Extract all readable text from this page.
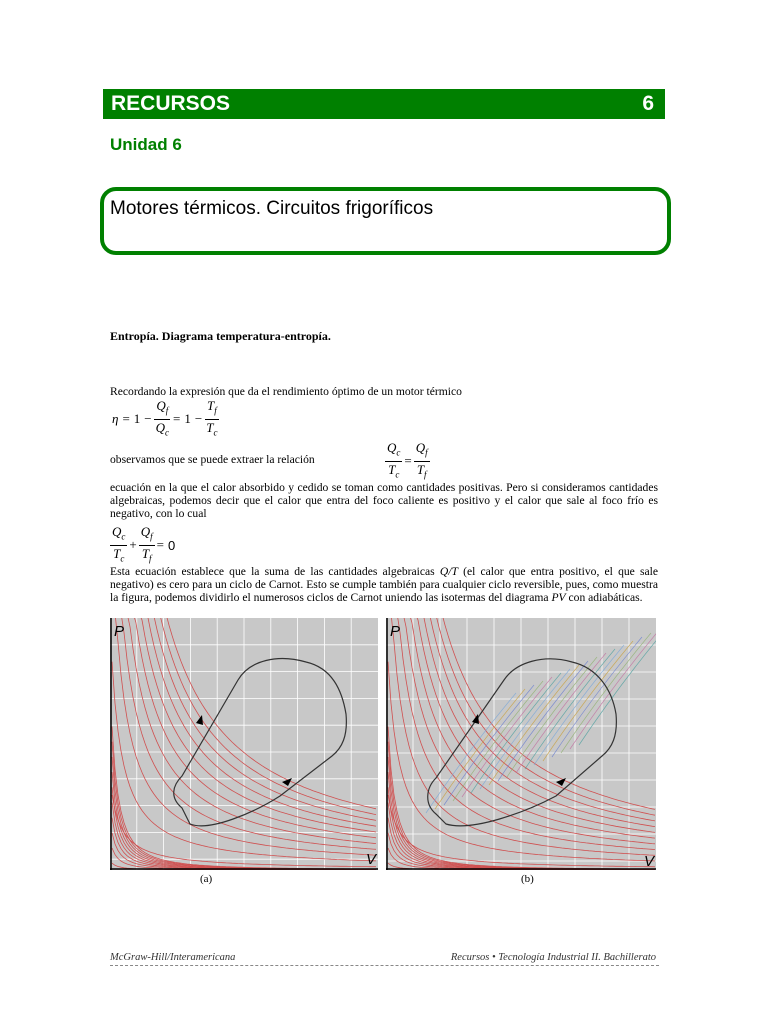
RECURSOS	6
Unidad 6
Motores térmicos. Circuitos frigoríficos
Entropía. Diagrama temperatura-entropía.
Recordando la expresión que da el rendimiento óptimo de un motor térmico
$\eta = 1 - \frac{Q_f}{Q_c} = 1 - \frac{T_f}{T_c}$
observamos que se puede extraer la relación	$\frac{Q_c}{T_c} = \frac{Q_f}{T_f}$
ecuación en la que el calor absorbido y cedido se toman como cantidades positivas. Pero si consideramos cantidades algebraicas, podemos decir que el calor que entra del foco caliente es positivo y el calor que sale al foco frío es negativo, con lo cual
$\frac{Q_c}{T_c} + \frac{Q_f}{T_f} = 0$
Esta ecuación establece que la suma de las cantidades algebraicas Q/T (el calor que entra positivo, el que sale negativo) es cero para un ciclo de Carnot. Esto se cumple también para cualquier ciclo reversible, pues, como muestra la figura, podemos dividirlo el numerosos ciclos de Carnot uniendo las isotermas del diagrama PV con adiabáticas.
P
V
(a)
P
V
(b)
McGraw-Hill/Interamericana	Recursos • Tecnología Industrial II. Bachillerato
